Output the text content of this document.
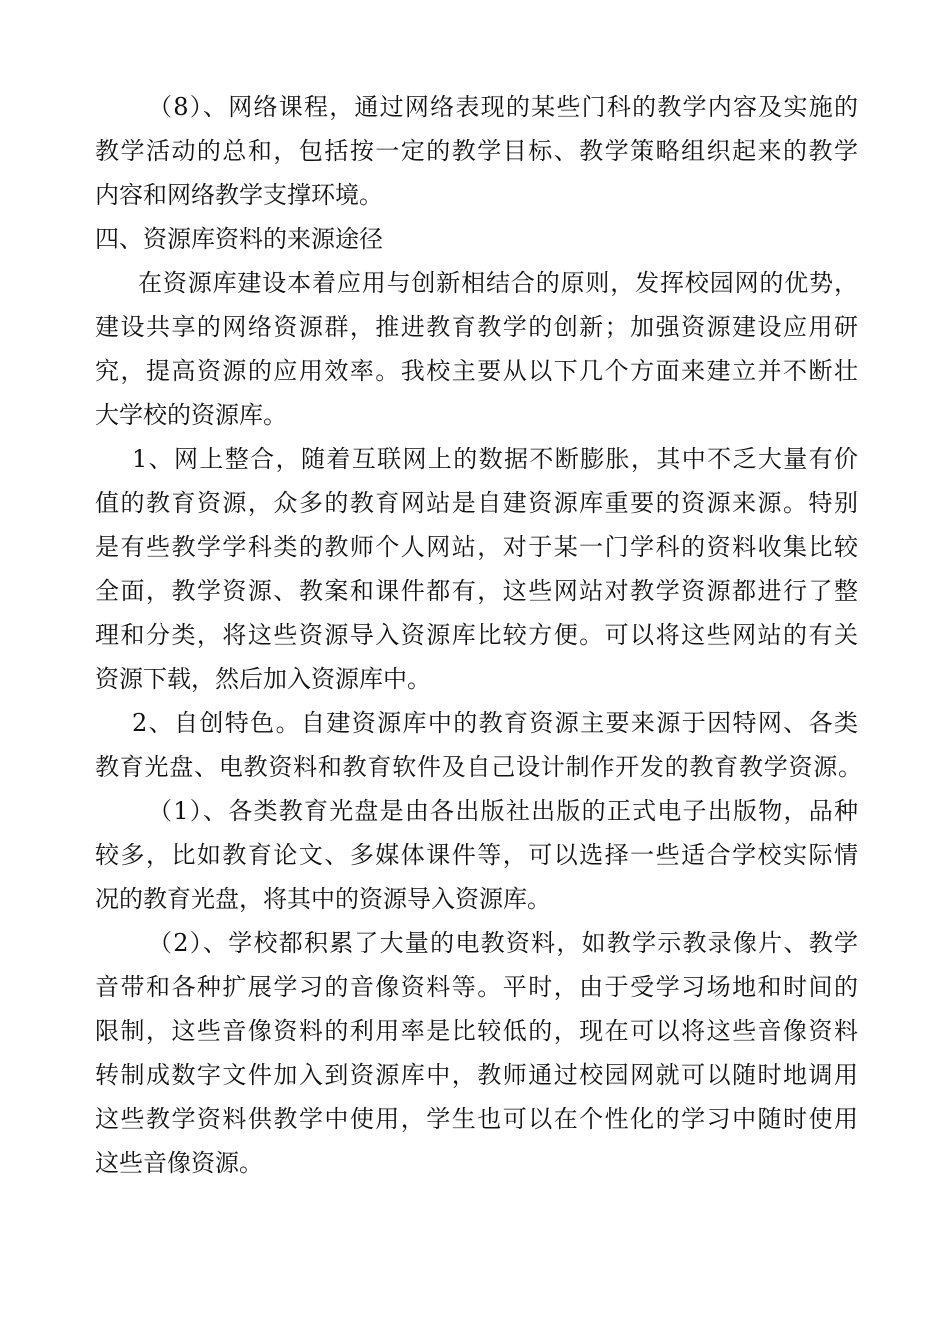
（8）、网络课程，通过网络表现的某些门科的教学内容及实施的
教学活动的总和，包括按一定的教学目标、教学策略组织起来的教学
内容和网络教学支撑环境。
四、资源库资料的来源途径
在资源库建设本着应用与创新相结合的原则，发挥校园网的优势，
建设共享的网络资源群，推进教育教学的创新；加强资源建设应用研
究，提高资源的应用效率。我校主要从以下几个方面来建立并不断壮
大学校的资源库。
1、网上整合，随着互联网上的数据不断膨胀，其中不乏大量有价
值的教育资源，众多的教育网站是自建资源库重要的资源来源。特别
是有些教学学科类的教师个人网站，对于某一门学科的资料收集比较
全面，教学资源、教案和课件都有，这些网站对教学资源都进行了整
理和分类，将这些资源导入资源库比较方便。可以将这些网站的有关
资源下载，然后加入资源库中。
2、自创特色。自建资源库中的教育资源主要来源于因特网、各类
教育光盘、电教资料和教育软件及自己设计制作开发的教育教学资源。
（1）、各类教育光盘是由各出版社出版的正式电子出版物，品种
较多，比如教育论文、多媒体课件等，可以选择一些适合学校实际情
况的教育光盘，将其中的资源导入资源库。
（2）、学校都积累了大量的电教资料，如教学示教录像片、教学
音带和各种扩展学习的音像资料等。平时，由于受学习场地和时间的
限制，这些音像资料的利用率是比较低的，现在可以将这些音像资料
转制成数字文件加入到资源库中，教师通过校园网就可以随时地调用
这些教学资料供教学中使用，学生也可以在个性化的学习中随时使用
这些音像资源。
